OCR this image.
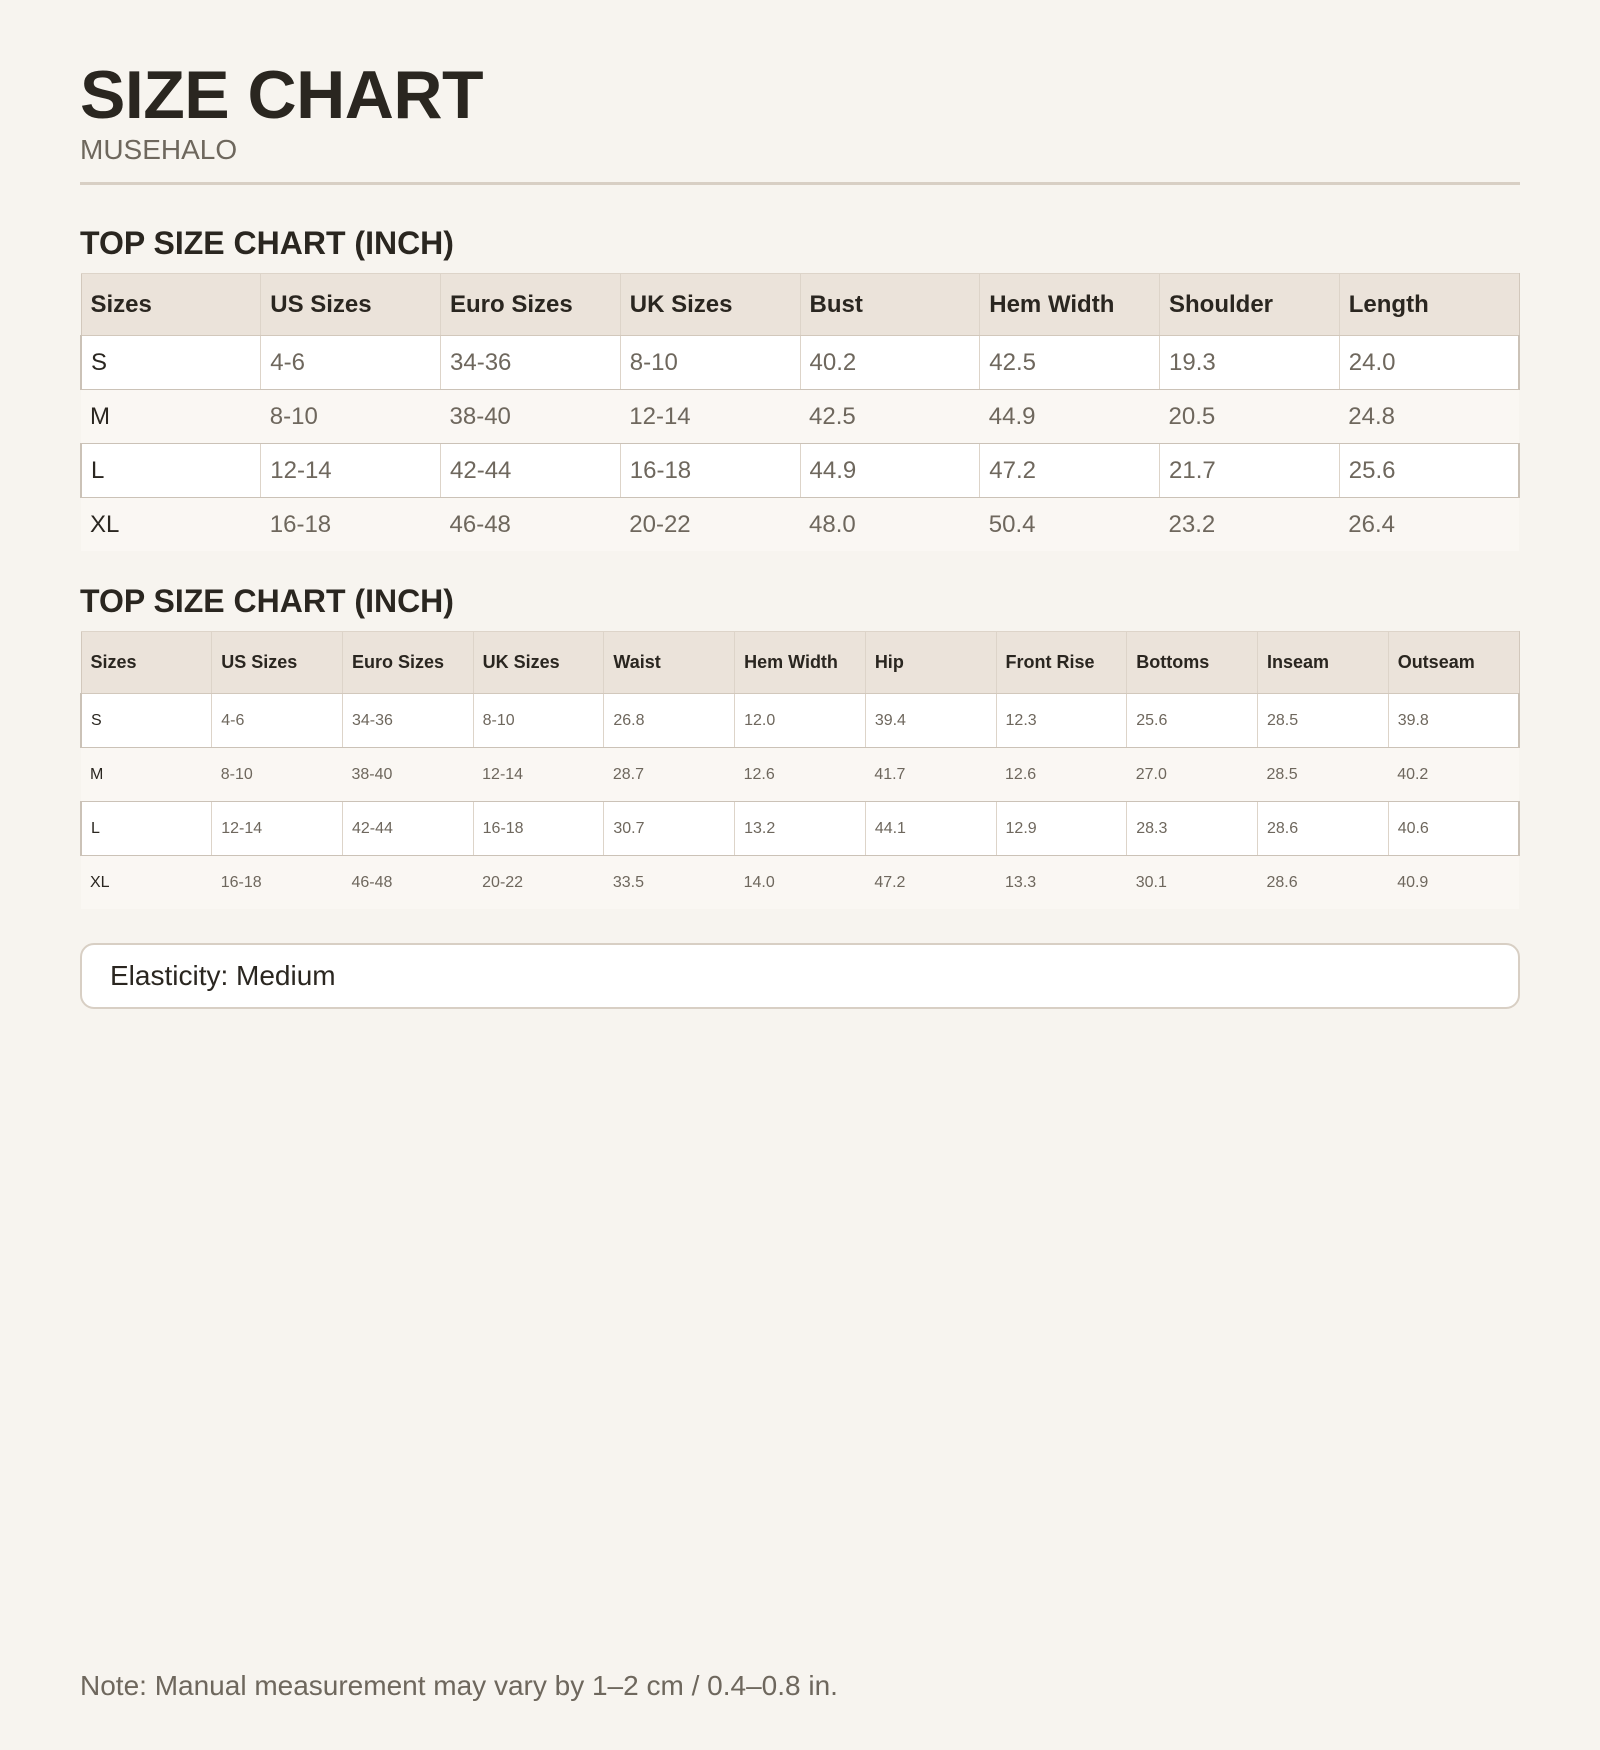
SIZE CHART
MUSEHALO
TOP SIZE CHART (INCH)
Sizes	US Sizes	Euro Sizes	UK Sizes	Bust	Hem Width	Shoulder	Length
S	4-6	34-36	8-10	40.2	42.5	19.3	24.0
M	8-10	38-40	12-14	42.5	44.9	20.5	24.8
L	12-14	42-44	16-18	44.9	47.2	21.7	25.6
XL	16-18	46-48	20-22	48.0	50.4	23.2	26.4
TOP SIZE CHART (INCH)
Sizes	US Sizes	Euro Sizes	UK Sizes	Waist	Hem Width	Hip	Front Rise	Bottoms	Inseam	Outseam
S	4-6	34-36	8-10	26.8	12.0	39.4	12.3	25.6	28.5	39.8
M	8-10	38-40	12-14	28.7	12.6	41.7	12.6	27.0	28.5	40.2
L	12-14	42-44	16-18	30.7	13.2	44.1	12.9	28.3	28.6	40.6
XL	16-18	46-48	20-22	33.5	14.0	47.2	13.3	30.1	28.6	40.9
Elasticity: Medium
Note: Manual measurement may vary by 1–2 cm / 0.4–0.8 in.
